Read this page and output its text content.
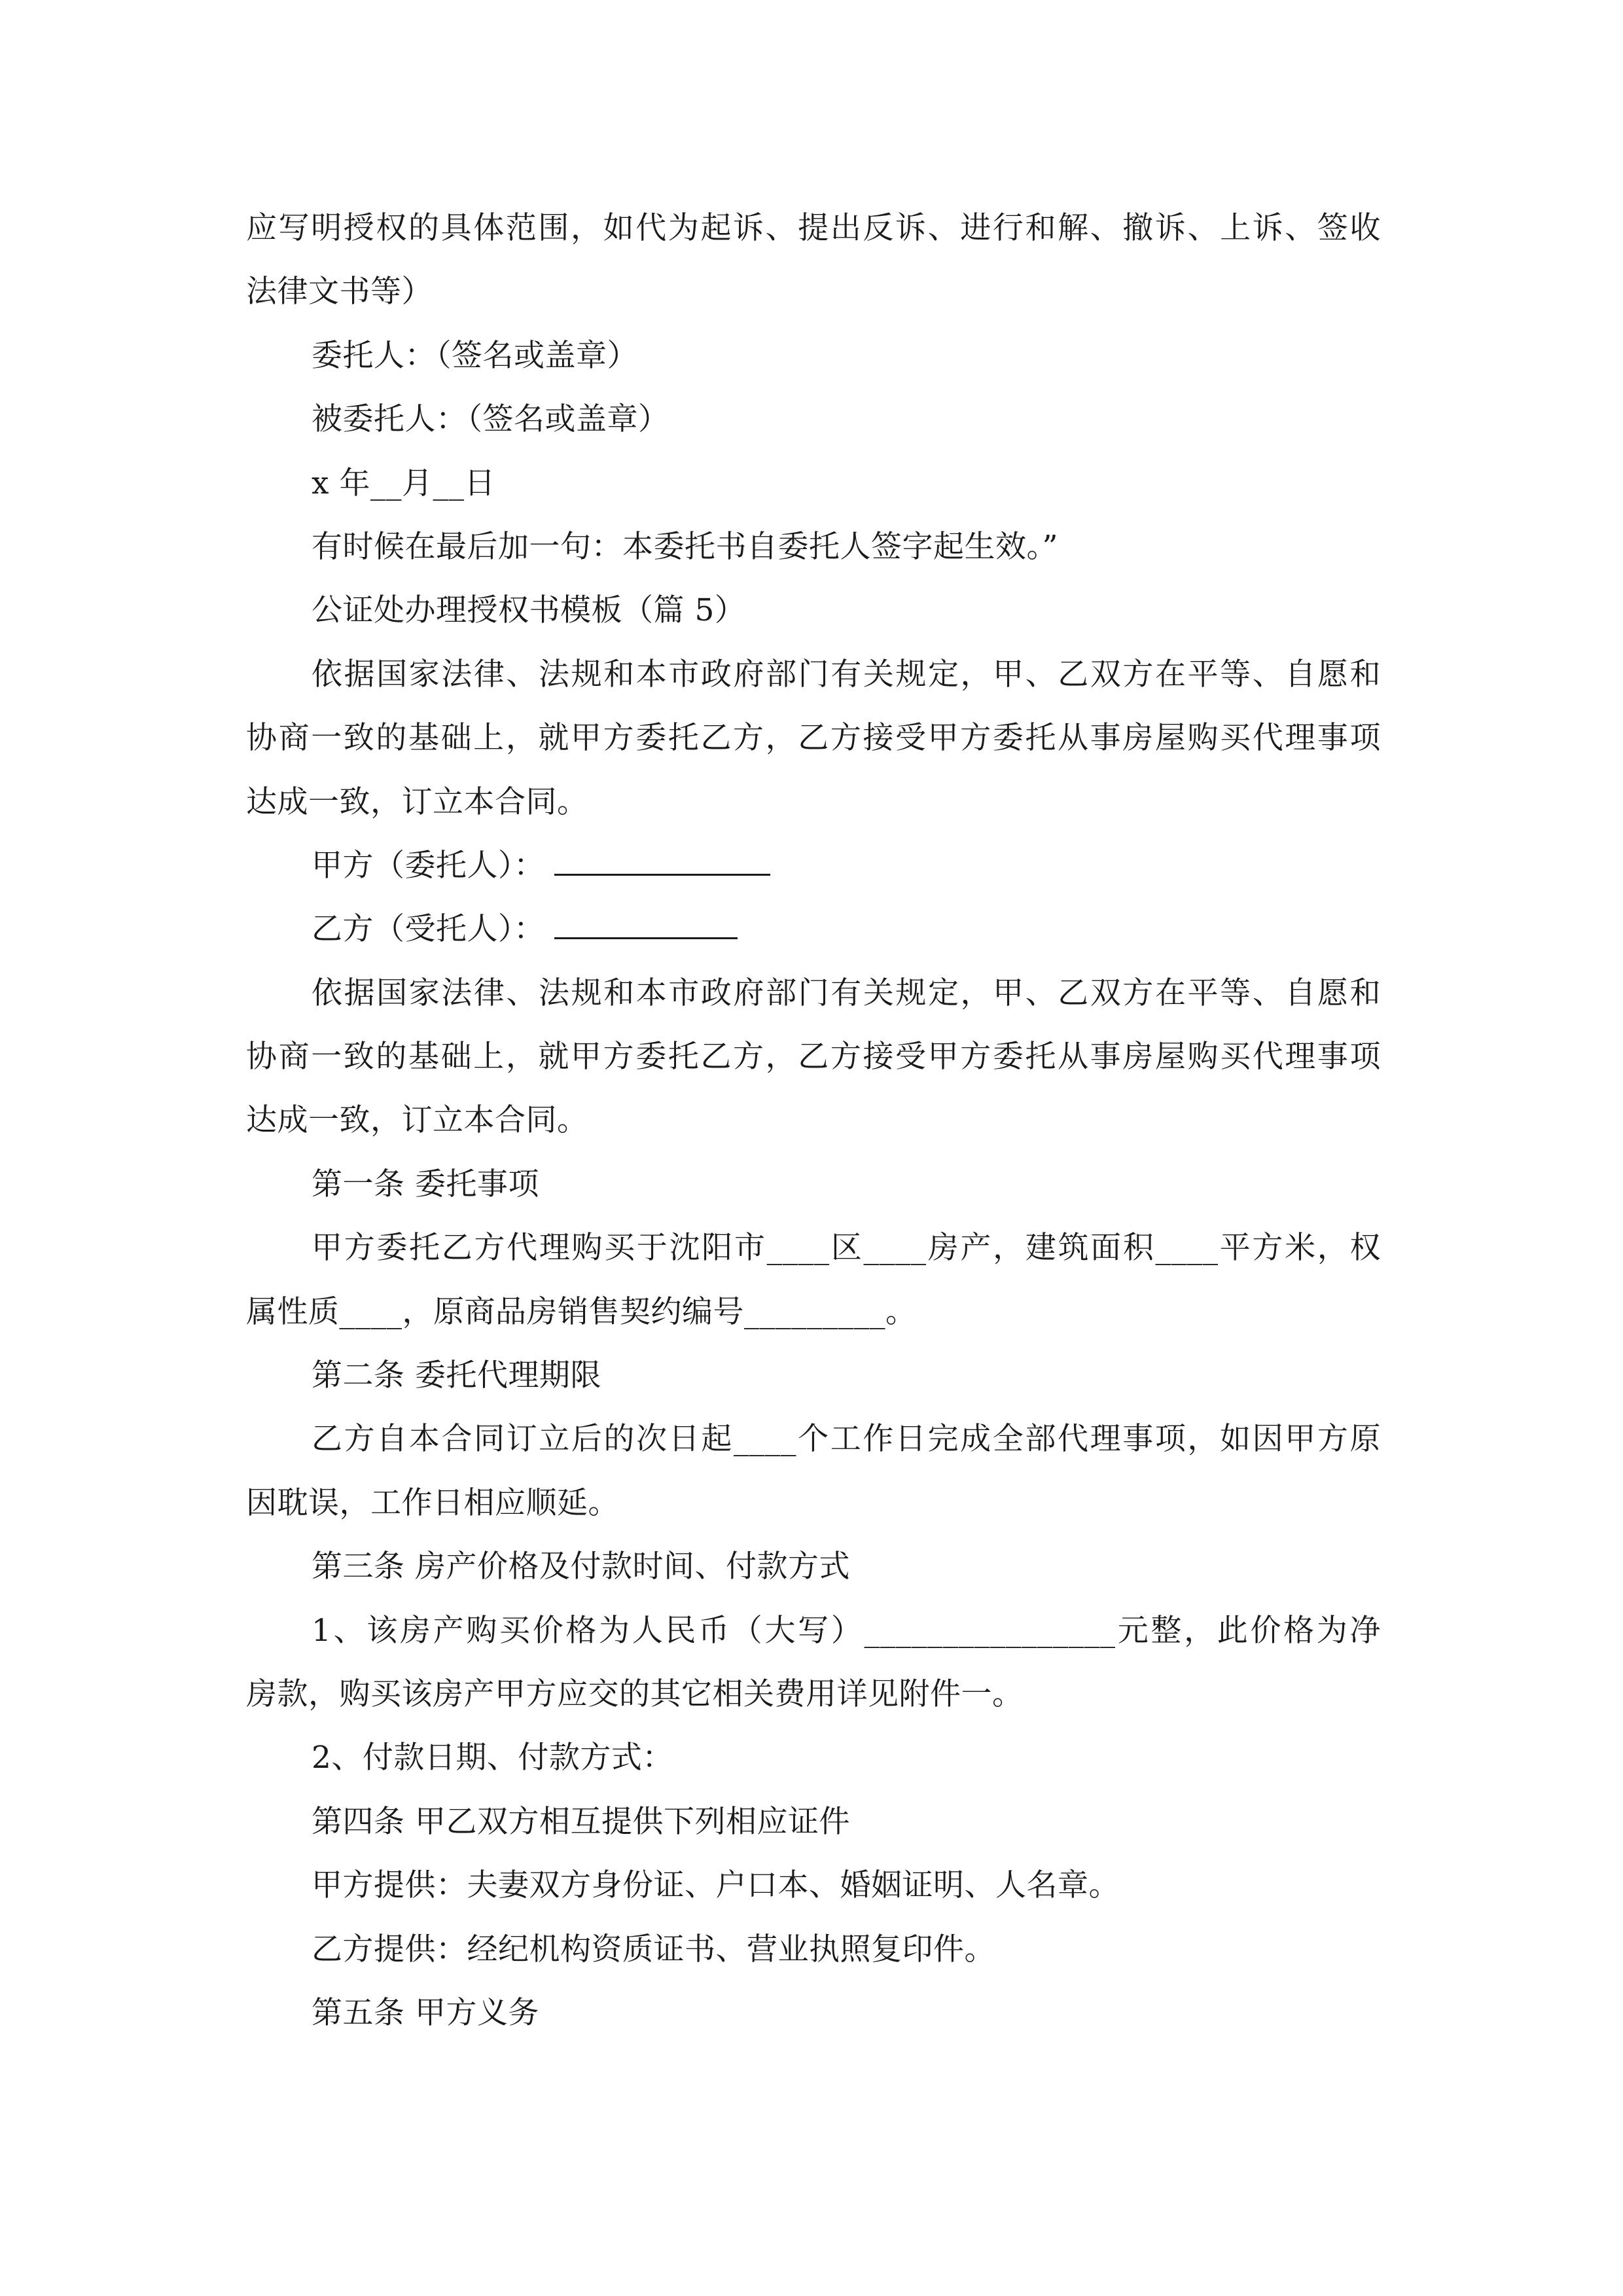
应写明授权的具体范围，如代为起诉、提出反诉、进行和解、撤诉、上诉、签收
法律文书等）
委托人：（签名或盖章）
被委托人：（签名或盖章）
x 年__月__日
有时候在最后加一句：本委托书自委托人签字起生效。”
公证处办理授权书模板（篇 5）
依据国家法律、法规和本市政府部门有关规定，甲、乙双方在平等、自愿和
协商一致的基础上，就甲方委托乙方，乙方接受甲方委托从事房屋购买代理事项
达成一致，订立本合同。
甲方（委托人）：
乙方（受托人）：
依据国家法律、法规和本市政府部门有关规定，甲、乙双方在平等、自愿和
协商一致的基础上，就甲方委托乙方，乙方接受甲方委托从事房屋购买代理事项
达成一致，订立本合同。
第一条 委托事项
甲方委托乙方代理购买于沈阳市____区____房产，建筑面积____平方米，权
属性质____，原商品房销售契约编号_________。
第二条 委托代理期限
乙方自本合同订立后的次日起____个工作日完成全部代理事项，如因甲方原
因耽误，工作日相应顺延。
第三条 房产价格及付款时间、付款方式
1、该房产购买价格为人民币（大写）________________元整，此价格为净
房款，购买该房产甲方应交的其它相关费用详见附件一。
2、付款日期、付款方式：
第四条 甲乙双方相互提供下列相应证件
甲方提供：夫妻双方身份证、户口本、婚姻证明、人名章。
乙方提供：经纪机构资质证书、营业执照复印件。
第五条 甲方义务
